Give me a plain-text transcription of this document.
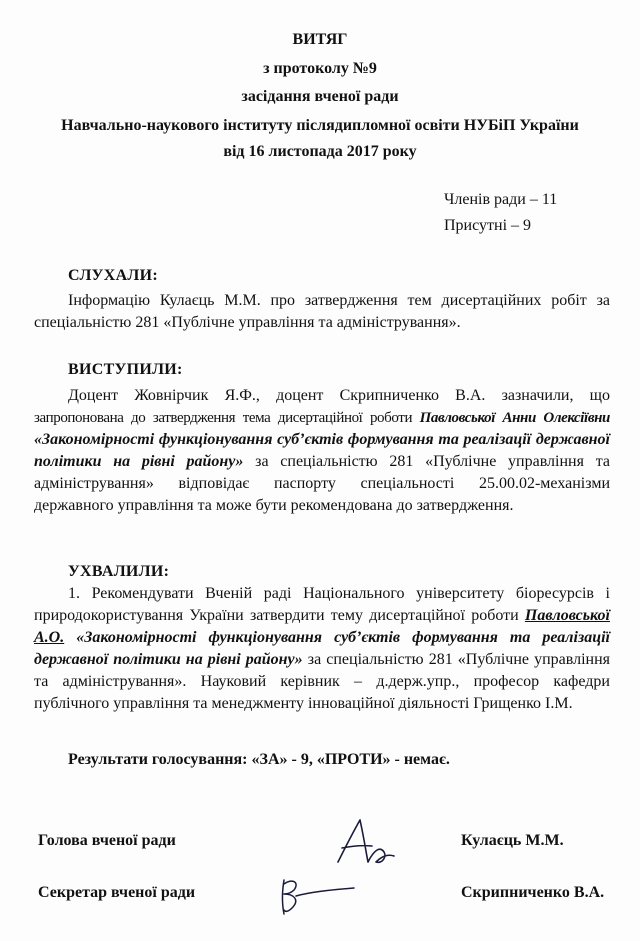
ВИТЯГ
з протоколу №9
засідання вченої ради
Навчально-наукового інституту післядипломної освіти НУБіП України
від 16 листопада 2017 року
Членів ради – 11
Присутні – 9
СЛУХАЛИ:
Інформацію Кулаєць М.М. про затвердження тем дисертаційних робіт за спеціальністю 281 «Публічне управління та адміністрування».
ВИСТУПИЛИ:
Доцент Жовнірчик Я.Ф., доцент Скрипниченко В.А. зазначили, що запропонована до затвердження тема дисертаційної роботи Павловської Анни Олексіївни «Закономірності функціонування суб’єктів формування та реалізації державної політики на рівні району» за спеціальністю 281 «Публічне управління та адміністрування» відповідає паспорту спеціальності 25.00.02-механізми державного управління та може бути рекомендована до затвердження.
УХВАЛИЛИ:
1. Рекомендувати Вченій раді Національного університету біоресурсів і природокористування України затвердити тему дисертаційної роботи Павловської А.О. «Закономірності функціонування суб’єктів формування та реалізації державної політики на рівні району» за спеціальністю 281 «Публічне управління та адміністрування». Науковий керівник – д.держ.упр., професор кафедри публічного управління та менеджменту інноваційної діяльності Грищенко І.М.
Результати голосування: «ЗА» - 9, «ПРОТИ» - немає.
Голова вченої ради	Кулаєць М.М.
Секретар вченої ради	Скрипниченко В.А.
